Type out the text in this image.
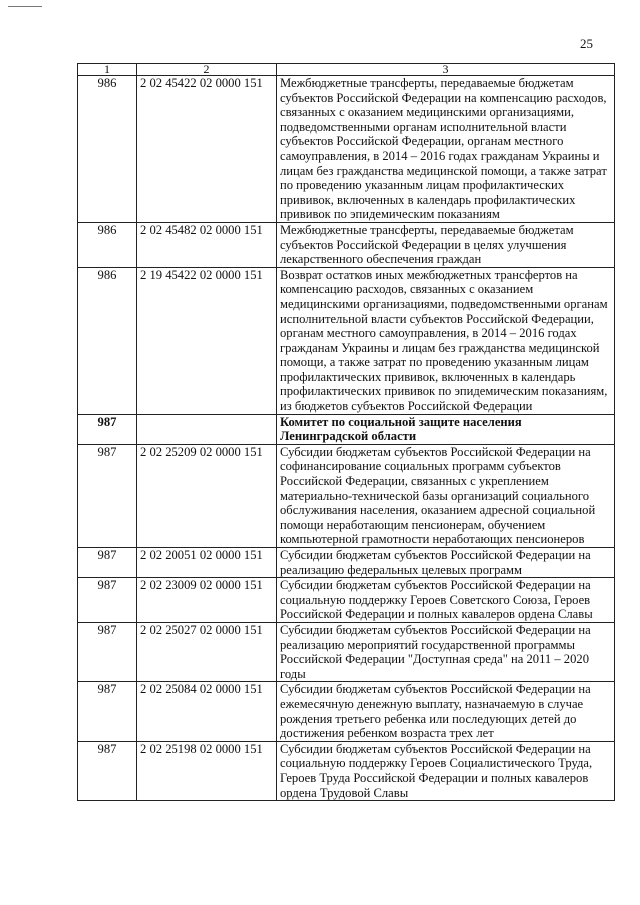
25
1	2	3
986	2 02 45422 02 0000 151	Межбюджетные трансферты, передаваемые бюджетам субъектов Российской Федерации на компенсацию расходов, связанных с оказанием медицинскими организациями, подведомственными органам исполнительной власти субъектов Российской Федерации, органам местного самоуправления, в 2014 – 2016 годах гражданам Украины и лицам без гражданства медицинской помощи, а также затрат по проведению указанным лицам профилактических прививок, включенных в календарь профилактических прививок по эпидемическим показаниям
986	2 02 45482 02 0000 151	Межбюджетные трансферты, передаваемые бюджетам субъектов Российской Федерации в целях улучшения лекарственного обеспечения граждан
986	2 19 45422 02 0000 151	Возврат остатков иных межбюджетных трансфертов на компенсацию расходов, связанных с оказанием медицинскими организациями, подведомственными органам исполнительной власти субъектов Российской Федерации, органам местного самоуправления, в 2014 – 2016 годах гражданам Украины и лицам без гражданства медицинской помощи, а также затрат по проведению указанным лицам профилактических прививок, включенных в календарь профилактических прививок по эпидемическим показаниям, из бюджетов субъектов Российской Федерации
987		Комитет по социальной защите населения Ленинградской области
987	2 02 25209 02 0000 151	Субсидии бюджетам субъектов Российской Федерации на софинансирование социальных программ субъектов Российской Федерации, связанных с укреплением материально-технической базы организаций социального обслуживания населения, оказанием адресной социальной помощи неработающим пенсионерам, обучением компьютерной грамотности неработающих пенсионеров
987	2 02 20051 02 0000 151	Субсидии бюджетам субъектов Российской Федерации на реализацию федеральных целевых программ
987	2 02 23009 02 0000 151	Субсидии бюджетам субъектов Российской Федерации на социальную поддержку Героев Советского Союза, Героев Российской Федерации и полных кавалеров ордена Славы
987	2 02 25027 02 0000 151	Субсидии бюджетам субъектов Российской Федерации на реализацию мероприятий государственной программы Российской Федерации "Доступная среда" на 2011 – 2020 годы
987	2 02 25084 02 0000 151	Субсидии бюджетам субъектов Российской Федерации на ежемесячную денежную выплату, назначаемую в случае рождения третьего ребенка или последующих детей до достижения ребенком возраста трех лет
987	2 02 25198 02 0000 151	Субсидии бюджетам субъектов Российской Федерации на социальную поддержку Героев Социалистического Труда, Героев Труда Российской Федерации и полных кавалеров ордена Трудовой Славы
